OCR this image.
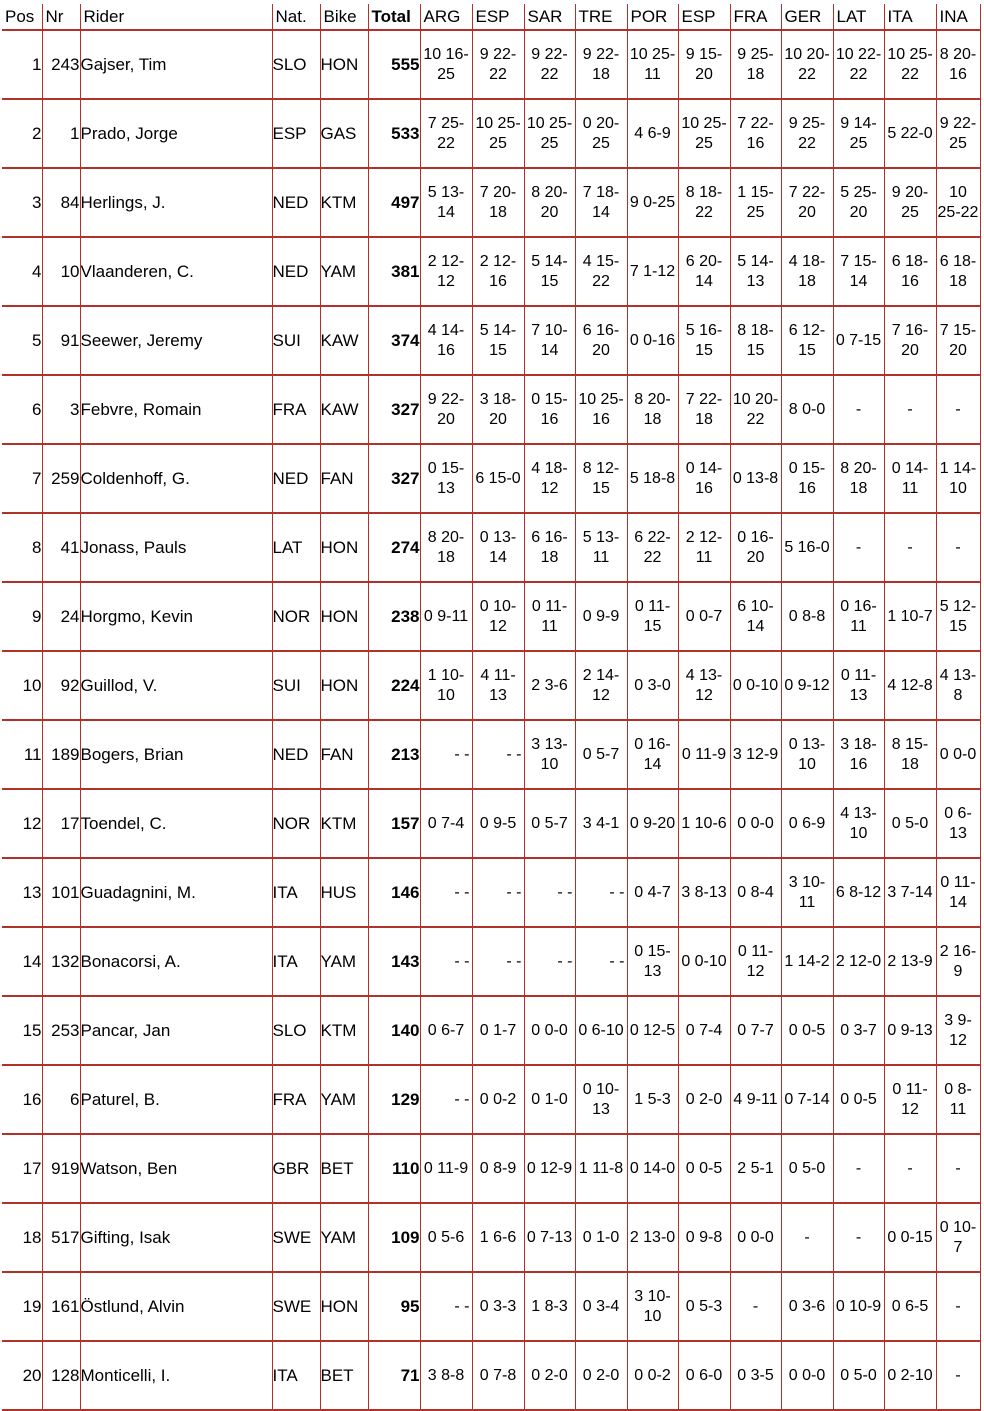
Pos	Nr	Rider	Nat.	Bike	Total	ARG	ESP	SAR	TRE	POR	ESP	FRA	GER	LAT	ITA	INA
1	243	Gajser, Tim	SLO	HON	555	10 16-25	9 22-22	9 22-22	9 22-18	10 25-11	9 15-20	9 25-18	10 20-22	10 22-22	10 25-22	8 20-16

2	1	Prado, Jorge	ESP	GAS	533	7 25-22	10 25-25	10 25-25	0 20-25	4 6-9	10 25-25	7 22-16	9 25-22	9 14-25	5 22-0	9 22-25

3	84	Herlings, J.	NED	KTM	497	5 13-14	7 20-18	8 20-20	7 18-14	9 0-25	8 18-22	1 15-25	7 22-20	5 25-20	9 20-25	10 25-22

4	10	Vlaanderen, C.	NED	YAM	381	2 12-12	2 12-16	5 14-15	4 15-22	7 1-12	6 20-14	5 14-13	4 18-18	7 15-14	6 18-16	6 18-18

5	91	Seewer, Jeremy	SUI	KAW	374	4 14-16	5 14-15	7 10-14	6 16-20	0 0-16	5 16-15	8 18-15	6 12-15	0 7-15	7 16-20	7 15-20

6	3	Febvre, Romain	FRA	KAW	327	9 22-20	3 18-20	0 15-16	10 25-16	8 20-18	7 22-18	10 20-22	8 0-0	-	-	-

7	259	Coldenhoff, G.	NED	FAN	327	0 15-13	6 15-0	4 18-12	8 12-15	5 18-8	0 14-16	0 13-8	0 15-16	8 20-18	0 14-11	1 14-10

8	41	Jonass, Pauls	LAT	HON	274	8 20-18	0 13-14	6 16-18	5 13-11	6 22-22	2 12-11	0 16-20	5 16-0	-	-	-

9	24	Horgmo, Kevin	NOR	HON	238	0 9-11	0 10-12	0 11-11	0 9-9	0 11-15	0 0-7	6 10-14	0 8-8	0 16-11	1 10-7	5 12-15

10	92	Guillod, V.	SUI	HON	224	1 10-10	4 11-13	2 3-6	2 14-12	0 3-0	4 13-12	0 0-10	0 9-12	0 11-13	4 12-8	4 13-8

11	189	Bogers, Brian	NED	FAN	213	- -	- -	3 13-10	0 5-7	0 16-14	0 11-9	3 12-9	0 13-10	3 18-16	8 15-18	0 0-0

12	17	Toendel, C.	NOR	KTM	157	0 7-4	0 9-5	0 5-7	3 4-1	0 9-20	1 10-6	0 0-0	0 6-9	4 13-10	0 5-0	0 6-13

13	101	Guadagnini, M.	ITA	HUS	146	- -	- -	- -	- -	0 4-7	3 8-13	0 8-4	3 10-11	6 8-12	3 7-14	0 11-14

14	132	Bonacorsi, A.	ITA	YAM	143	- -	- -	- -	- -	0 15-13	0 0-10	0 11-12	1 14-2	2 12-0	2 13-9	2 16-9

15	253	Pancar, Jan	SLO	KTM	140	0 6-7	0 1-7	0 0-0	0 6-10	0 12-5	0 7-4	0 7-7	0 0-5	0 3-7	0 9-13	3 9-12

16	6	Paturel, B.	FRA	YAM	129	- -	0 0-2	0 1-0	0 10-13	1 5-3	0 2-0	4 9-11	0 7-14	0 0-5	0 11-12	0 8-11

17	919	Watson, Ben	GBR	BET	110	0 11-9	0 8-9	0 12-9	1 11-8	0 14-0	0 0-5	2 5-1	0 5-0	-	-	-

18	517	Gifting, Isak	SWE	YAM	109	0 5-6	1 6-6	0 7-13	0 1-0	2 13-0	0 9-8	0 0-0	-	-	0 0-15	0 10-7

19	161	Östlund, Alvin	SWE	HON	95	- -	0 3-3	1 8-3	0 3-4	3 10-10	0 5-3	-	0 3-6	0 10-9	0 6-5	-

20	128	Monticelli, I.	ITA	BET	71	3 8-8	0 7-8	0 2-0	0 2-0	0 0-2	0 6-0	0 3-5	0 0-0	0 5-0	0 2-10	-
